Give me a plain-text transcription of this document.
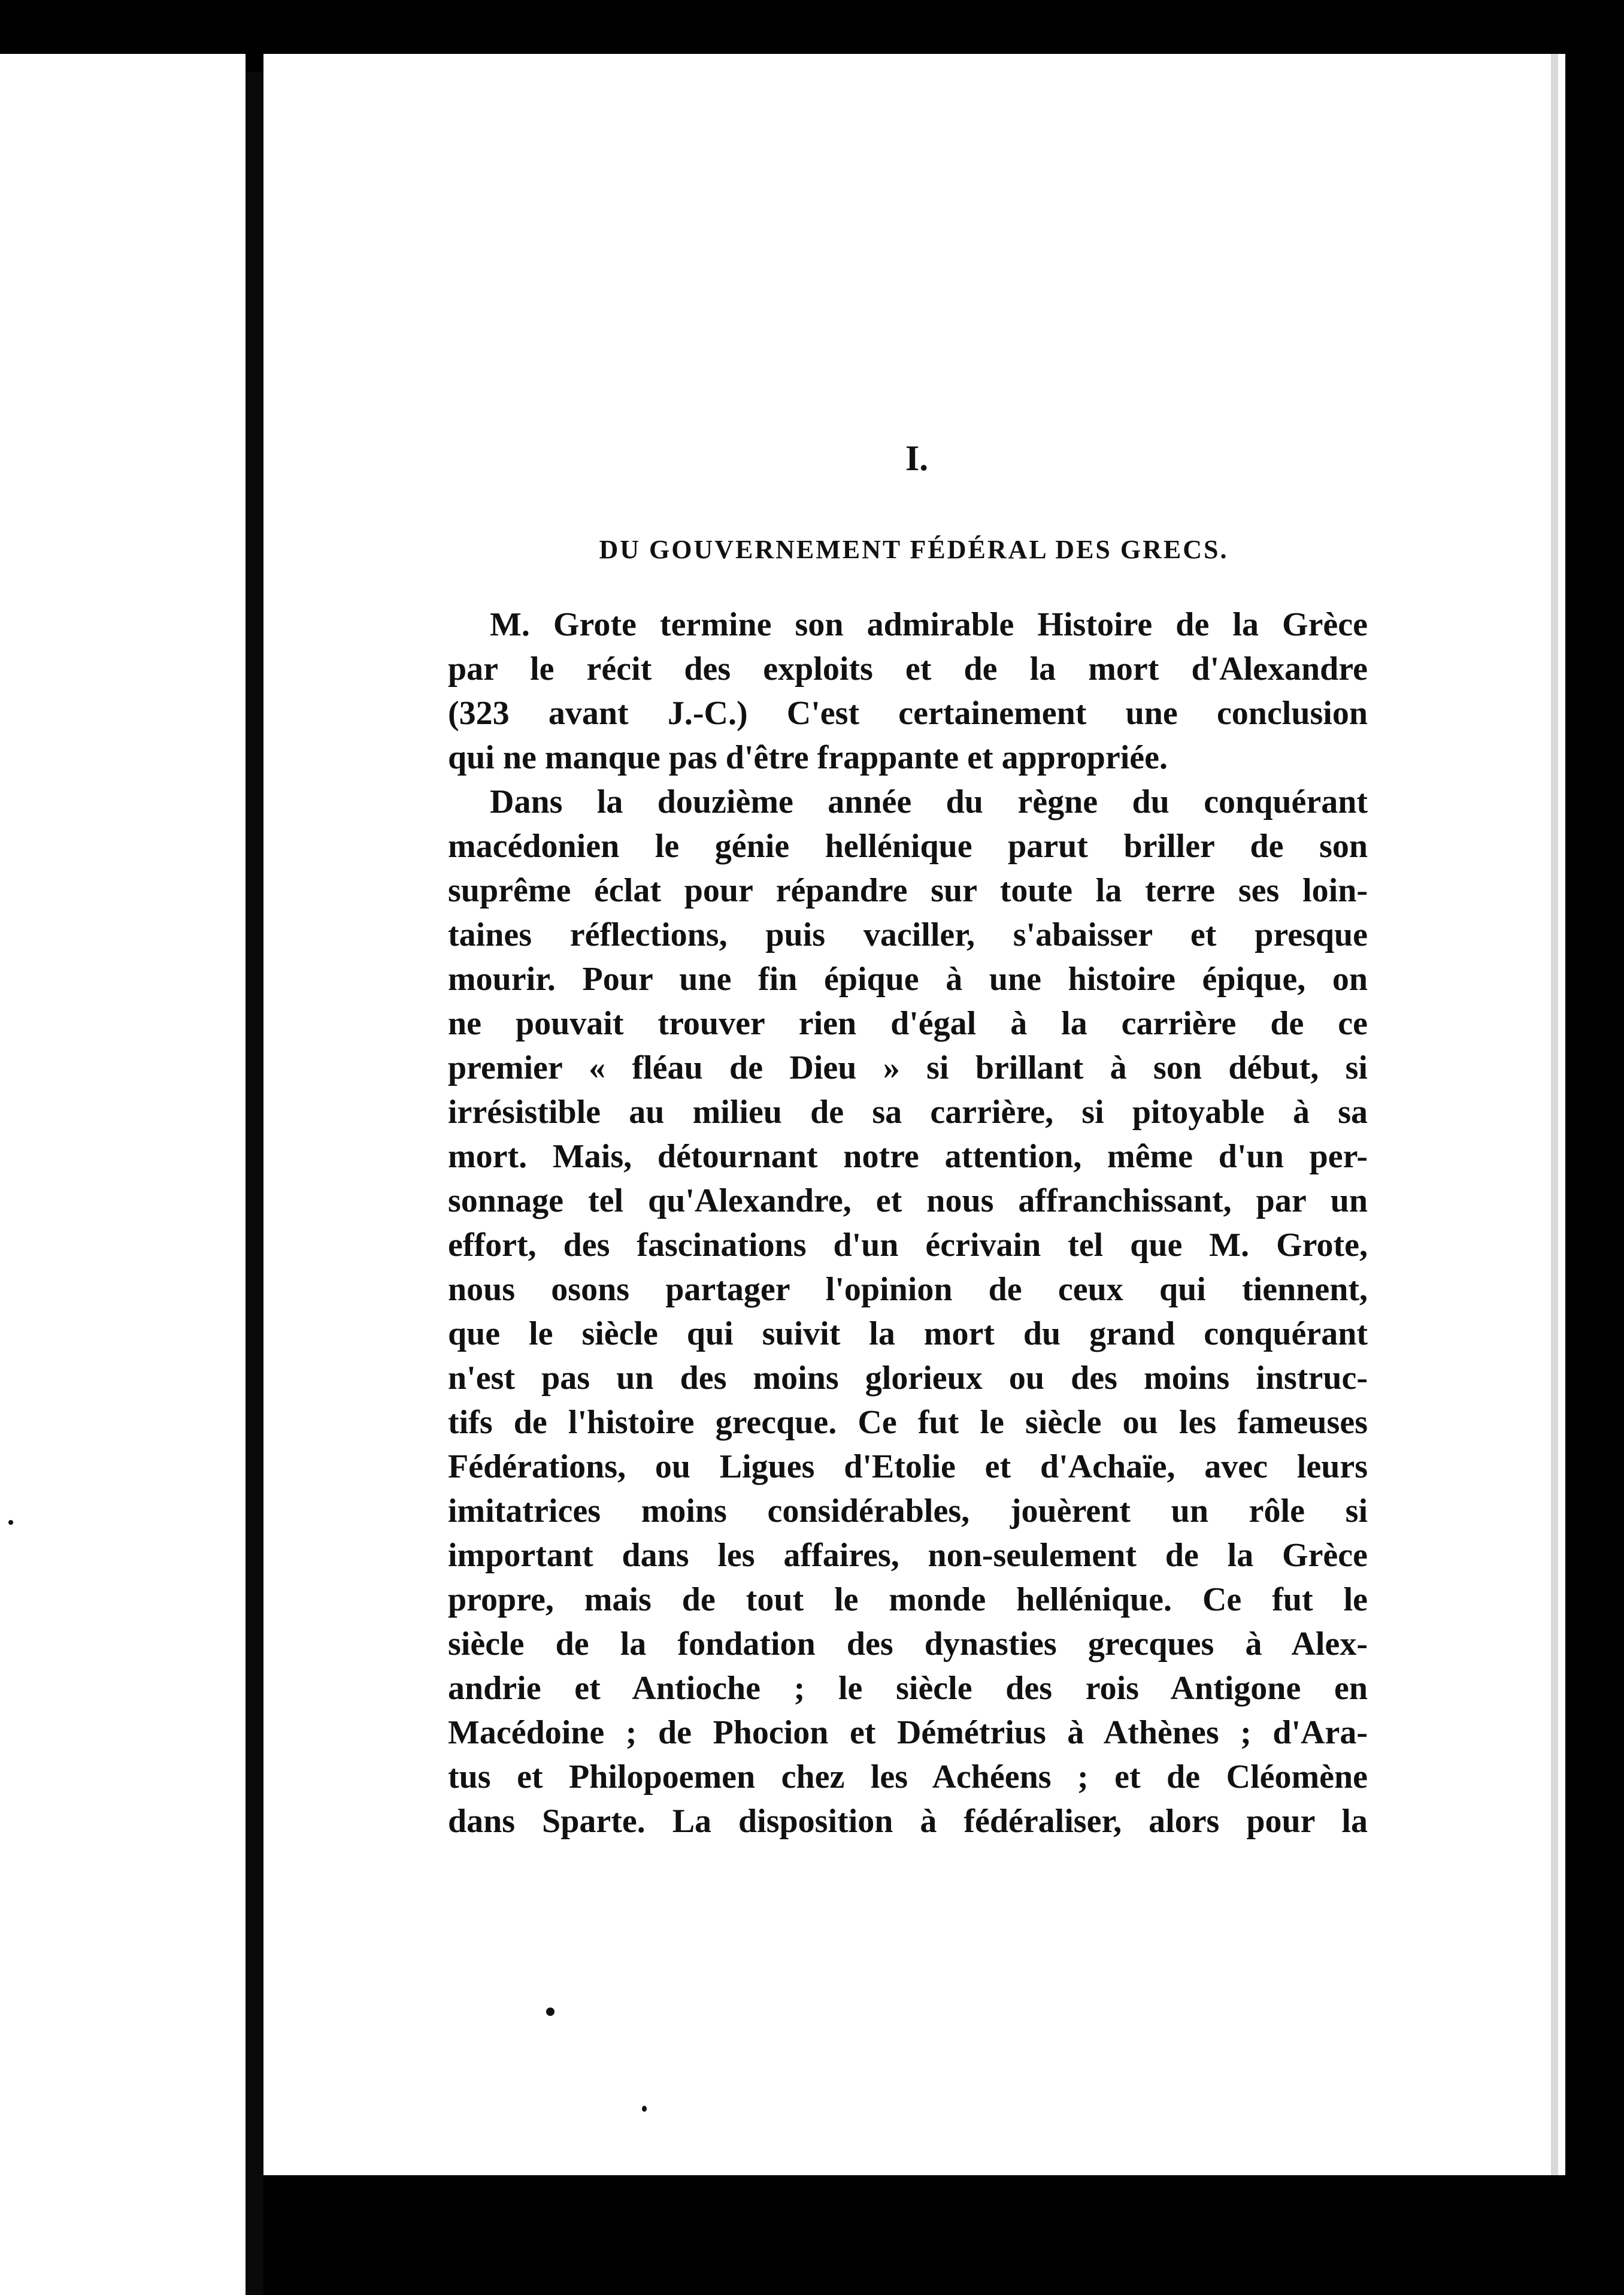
I.
DU GOUVERNEMENT FÉDÉRAL DES GRECS.
M. Grote termine son admirable Histoire de la Grèce
par le récit des exploits et de la mort d'Alexandre
(323 avant J.-C.) C'est certainement une conclusion
qui ne manque pas d'être frappante et appropriée.
Dans la douzième année du règne du conquérant
macédonien le génie hellénique parut briller de son
suprême éclat pour répandre sur toute la terre ses loin-
taines réflections, puis vaciller, s'abaisser et presque
mourir. Pour une fin épique à une histoire épique, on
ne pouvait trouver rien d'égal à la carrière de ce
premier « fléau de Dieu » si brillant à son début, si
irrésistible au milieu de sa carrière, si pitoyable à sa
mort. Mais, détournant notre attention, même d'un per-
sonnage tel qu'Alexandre, et nous affranchissant, par un
effort, des fascinations d'un écrivain tel que M. Grote,
nous osons partager l'opinion de ceux qui tiennent,
que le siècle qui suivit la mort du grand conquérant
n'est pas un des moins glorieux ou des moins instruc-
tifs de l'histoire grecque. Ce fut le siècle ou les fameuses
Fédérations, ou Ligues d'Etolie et d'Achaïe, avec leurs
imitatrices moins considérables, jouèrent un rôle si
important dans les affaires, non-seulement de la Grèce
propre, mais de tout le monde hellénique. Ce fut le
siècle de la fondation des dynasties grecques à Alex-
andrie et Antioche ; le siècle des rois Antigone en
Macédoine ; de Phocion et Démétrius à Athènes ; d'Ara-
tus et Philopoemen chez les Achéens ; et de Cléomène
dans Sparte. La disposition à fédéraliser, alors pour la
